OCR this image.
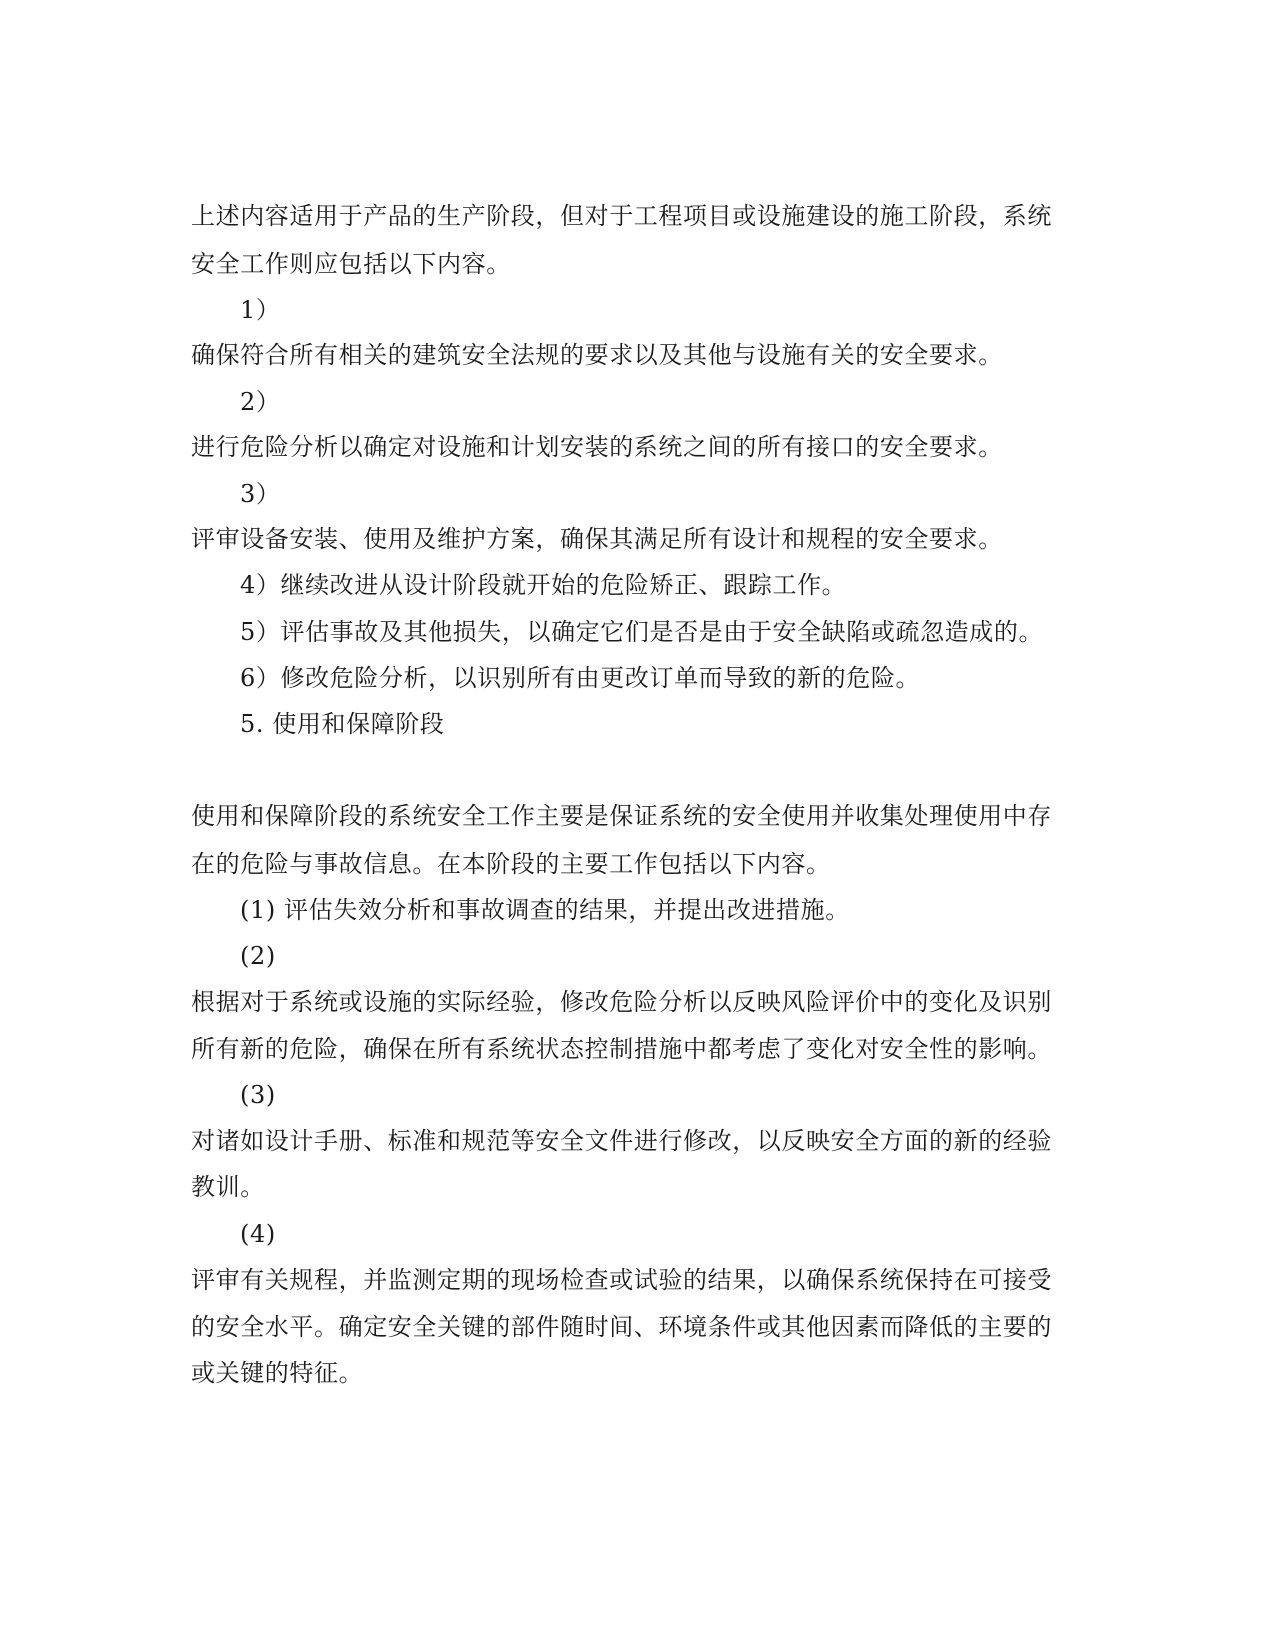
上述内容适用于产品的生产阶段，但对于工程项目或设施建设的施工阶段，系统

安全工作则应包括以下内容。

1）

确保符合所有相关的建筑安全法规的要求以及其他与设施有关的安全要求。

2）

进行危险分析以确定对设施和计划安装的系统之间的所有接口的安全要求。

3）

评审设备安装、使用及维护方案，确保其满足所有设计和规程的安全要求。

4）继续改进从设计阶段就开始的危险矫正、跟踪工作。

5）评估事故及其他损失，以确定它们是否是由于安全缺陷或疏忽造成的。

6）修改危险分析，以识别所有由更改订单而导致的新的危险。

5. 使用和保障阶段

使用和保障阶段的系统安全工作主要是保证系统的安全使用并收集处理使用中存

在的危险与事故信息。在本阶段的主要工作包括以下内容。

(1) 评估失效分析和事故调查的结果，并提出改进措施。

(2)

根据对于系统或设施的实际经验，修改危险分析以反映风险评价中的变化及识别

所有新的危险，确保在所有系统状态控制措施中都考虑了变化对安全性的影响。

(3)

对诸如设计手册、标准和规范等安全文件进行修改，以反映安全方面的新的经验

教训。

(4)

评审有关规程，并监测定期的现场检查或试验的结果，以确保系统保持在可接受

的安全水平。确定安全关键的部件随时间、环境条件或其他因素而降低的主要的

或关键的特征。
